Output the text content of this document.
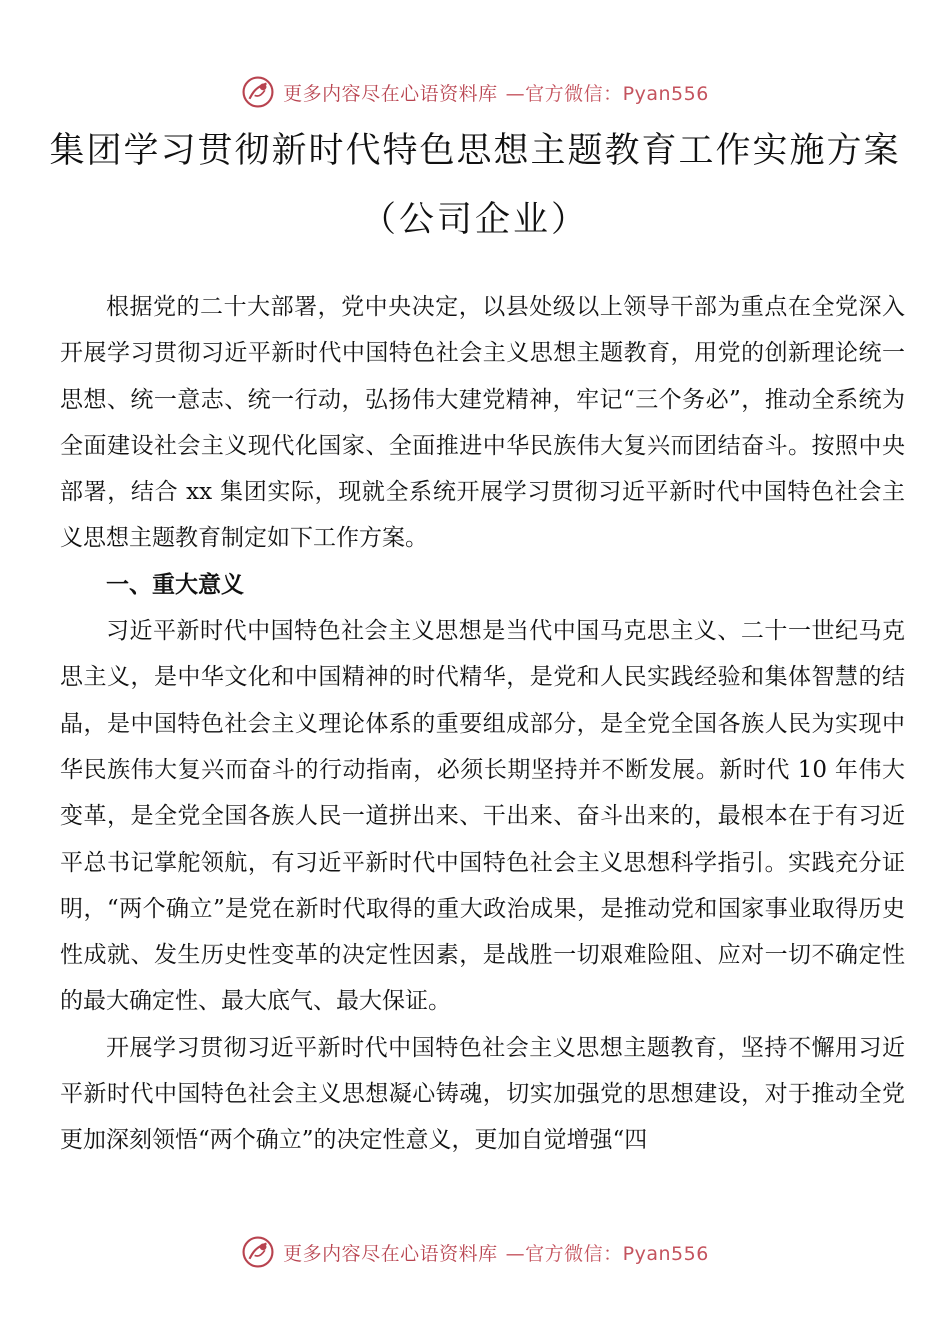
更多内容尽在心语资料库 —官方微信：Pyan556
集团学习贯彻新时代特色思想主题教育工作实施方案
（公司企业）

根据党的二十大部署，党中央决定，以县处级以上领导干部为重点在全党深入开展学习贯彻习近平新时代中国特色社会主义思想主题教育，用党的创新理论统一思想、统一意志、统一行动，弘扬伟大建党精神，牢记“三个务必”，推动全系统为全面建设社会主义现代化国家、全面推进中华民族伟大复兴而团结奋斗。按照中央部署，结合 xx 集团实际，现就全系统开展学习贯彻习近平新时代中国特色社会主义思想主题教育制定如下工作方案。

一、重大意义

习近平新时代中国特色社会主义思想是当代中国马克思主义、二十一世纪马克思主义，是中华文化和中国精神的时代精华，是党和人民实践经验和集体智慧的结晶，是中国特色社会主义理论体系的重要组成部分，是全党全国各族人民为实现中华民族伟大复兴而奋斗的行动指南，必须长期坚持并不断发展。新时代 10 年伟大变革，是全党全国各族人民一道拼出来、干出来、奋斗出来的，最根本在于有习近平总书记掌舵领航，有习近平新时代中国特色社会主义思想科学指引。实践充分证明，“两个确立”是党在新时代取得的重大政治成果，是推动党和国家事业取得历史性成就、发生历史性变革的决定性因素，是战胜一切艰难险阻、应对一切不确定性的最大确定性、最大底气、最大保证。

开展学习贯彻习近平新时代中国特色社会主义思想主题教育，坚持不懈用习近平新时代中国特色社会主义思想凝心铸魂，切实加强党的思想建设，对于推动全党更加深刻领悟“两个确立”的决定性意义，更加自觉增强“四

更多内容尽在心语资料库 —官方微信：Pyan556
